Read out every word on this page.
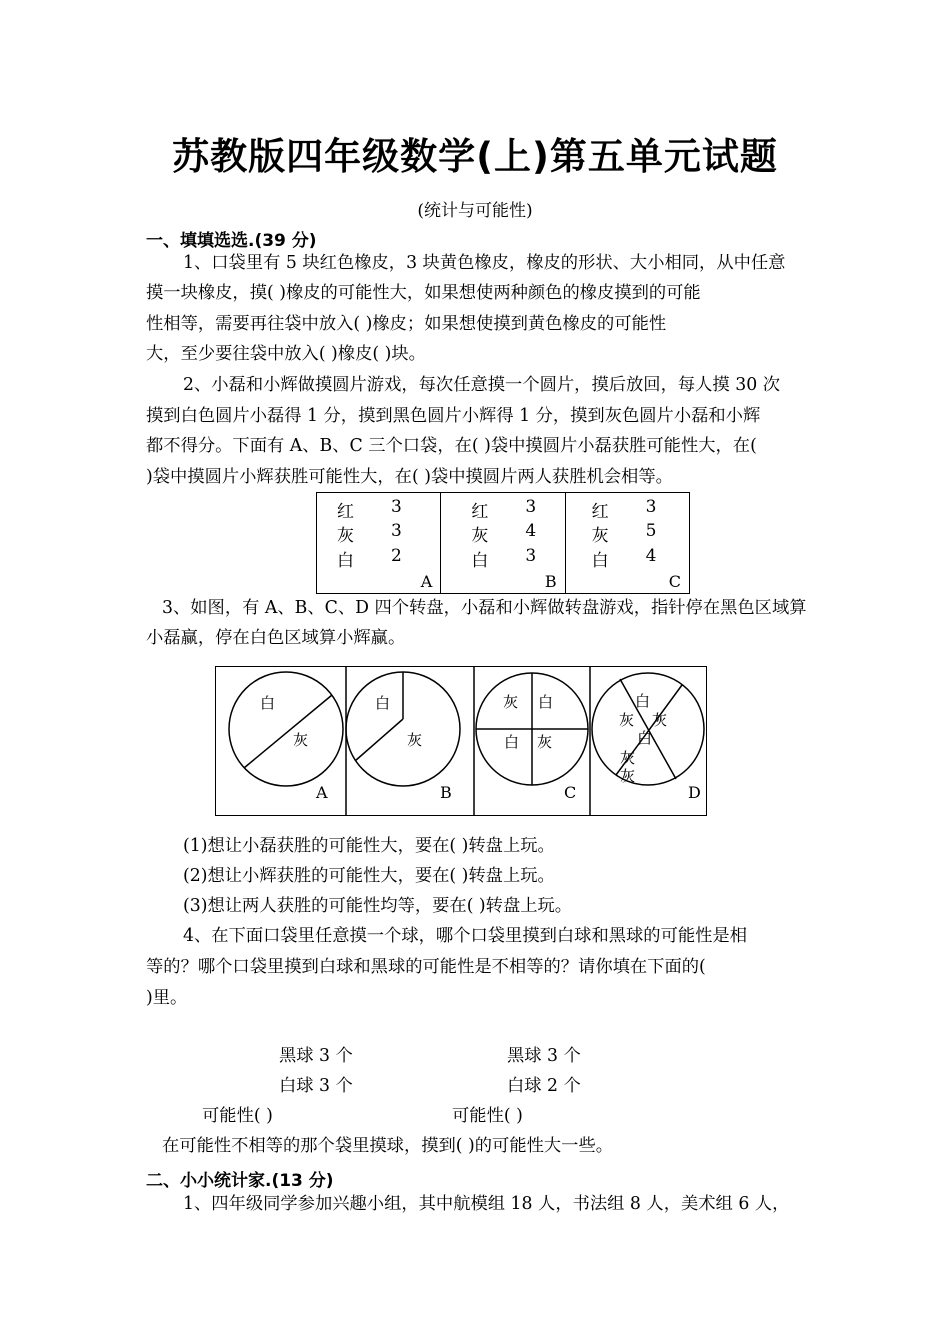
苏教版四年级数学(上)第五单元试题
(统计与可能性)
一、填填选选.(39 分)
1、口袋里有 5 块红色橡皮，3 块黄色橡皮，橡皮的形状、大小相同，从中任意
摸一块橡皮，摸( )橡皮的可能性大，如果想使两种颜色的橡皮摸到的可能
性相等，需要再往袋中放入( )橡皮；如果想使摸到黄色橡皮的可能性
大，至少要往袋中放入( )橡皮( )块。
2、小磊和小辉做摸圆片游戏，每次任意摸一个圆片，摸后放回，每人摸 30 次
摸到白色圆片小磊得 1 分，摸到黑色圆片小辉得 1 分，摸到灰色圆片小磊和小辉
都不得分。下面有 A、B、C 三个口袋，在( )袋中摸圆片小磊获胜可能性大，在(
)袋中摸圆片小辉获胜可能性大，在( )袋中摸圆片两人获胜机会相等。
红 3
灰 3
白 2
A
红 3
灰 4
白 3
B
红 3
灰 5
白 4
C
3、如图，有 A、B、C、D 四个转盘，小磊和小辉做转盘游戏，指针停在黑色区域算
小磊赢，停在白色区域算小辉赢。
白
灰
A
白
灰
B
灰 白
白 灰
C
白
灰 灰
白
灰
灰
D
(1)想让小磊获胜的可能性大，要在( )转盘上玩。
(2)想让小辉获胜的可能性大，要在( )转盘上玩。
(3)想让两人获胜的可能性均等，要在( )转盘上玩。
4、在下面口袋里任意摸一个球，哪个口袋里摸到白球和黑球的可能性是相
等的？哪个口袋里摸到白球和黑球的可能性是不相等的？请你填在下面的(
)里。
黑球 3 个	黑球 3 个
白球 3 个	白球 2 个
可能性( )	可能性( )
在可能性不相等的那个袋里摸球，摸到( )的可能性大一些。
二、小小统计家.(13 分)
1、四年级同学参加兴趣小组，其中航模组 18 人，书法组 8 人，美术组 6 人，
